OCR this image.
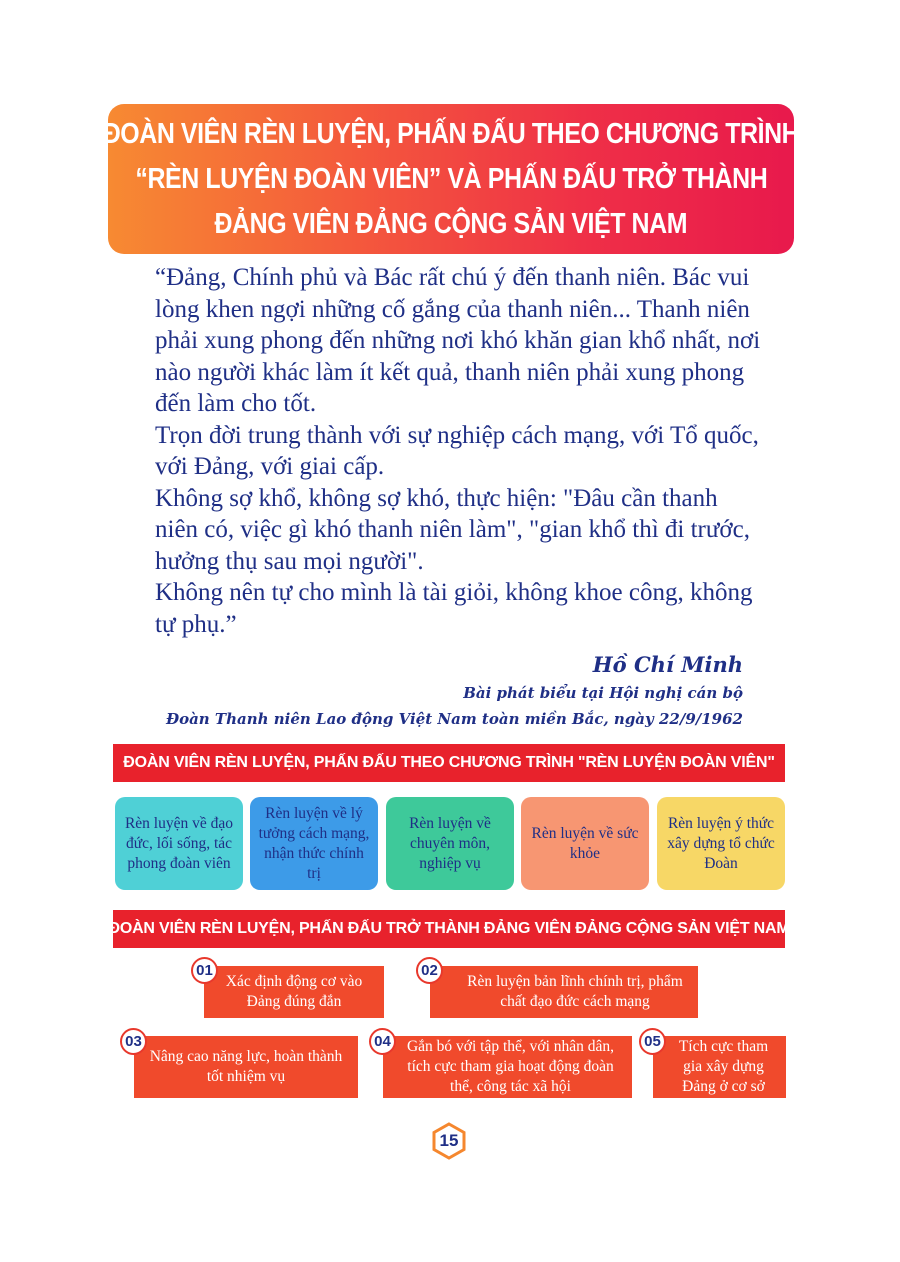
ĐOÀN VIÊN RÈN LUYỆN, PHẤN ĐẤU THEO CHƯƠNG TRÌNH
“RÈN LUYỆN ĐOÀN VIÊN” VÀ PHẤN ĐẤU TRỞ THÀNH
ĐẢNG VIÊN ĐẢNG CỘNG SẢN VIỆT NAM

“Đảng, Chính phủ và Bác rất chú ý đến thanh niên. Bác vui lòng khen ngợi những cố gắng của thanh niên... Thanh niên phải xung phong đến những nơi khó khăn gian khổ nhất, nơi nào người khác làm ít kết quả, thanh niên phải xung phong đến làm cho tốt.

Trọn đời trung thành với sự nghiệp cách mạng, với Tổ quốc, với Đảng, với giai cấp.

Không sợ khổ, không sợ khó, thực hiện: "Đâu cần thanh niên có, việc gì khó thanh niên làm", "gian khổ thì đi trước, hưởng thụ sau mọi người".

Không nên tự cho mình là tài giỏi, không khoe công, không tự phụ.”

Hồ Chí Minh
Bài phát biểu tại Hội nghị cán bộ
Đoàn Thanh niên Lao động Việt Nam toàn miền Bắc, ngày 22/9/1962
ĐOÀN VIÊN RÈN LUYỆN, PHẤN ĐẤU THEO CHƯƠNG TRÌNH "RÈN LUYỆN ĐOÀN VIÊN"
Rèn luyện về đạo đức, lối sống, tác phong đoàn viên
Rèn luyện về lý tưởng cách mạng, nhận thức chính trị
Rèn luyện về chuyên môn, nghiệp vụ
Rèn luyện về sức khỏe
Rèn luyện ý thức xây dựng tổ chức Đoàn
ĐOÀN VIÊN RÈN LUYỆN, PHẤN ĐẤU TRỞ THÀNH ĐẢNG VIÊN ĐẢNG CỘNG SẢN VIỆT NAM
Xác định động cơ vào Đảng đúng đắn
01
Rèn luyện bản lĩnh chính trị, phẩm chất đạo đức cách mạng
02
Nâng cao năng lực, hoàn thành tốt nhiệm vụ
03	Gắn bó với tập thể, với nhân dân, tích cực tham gia hoạt động đoàn thể, công tác xã hội
04	Tích cực tham gia xây dựng Đảng ở cơ sở
05
15
